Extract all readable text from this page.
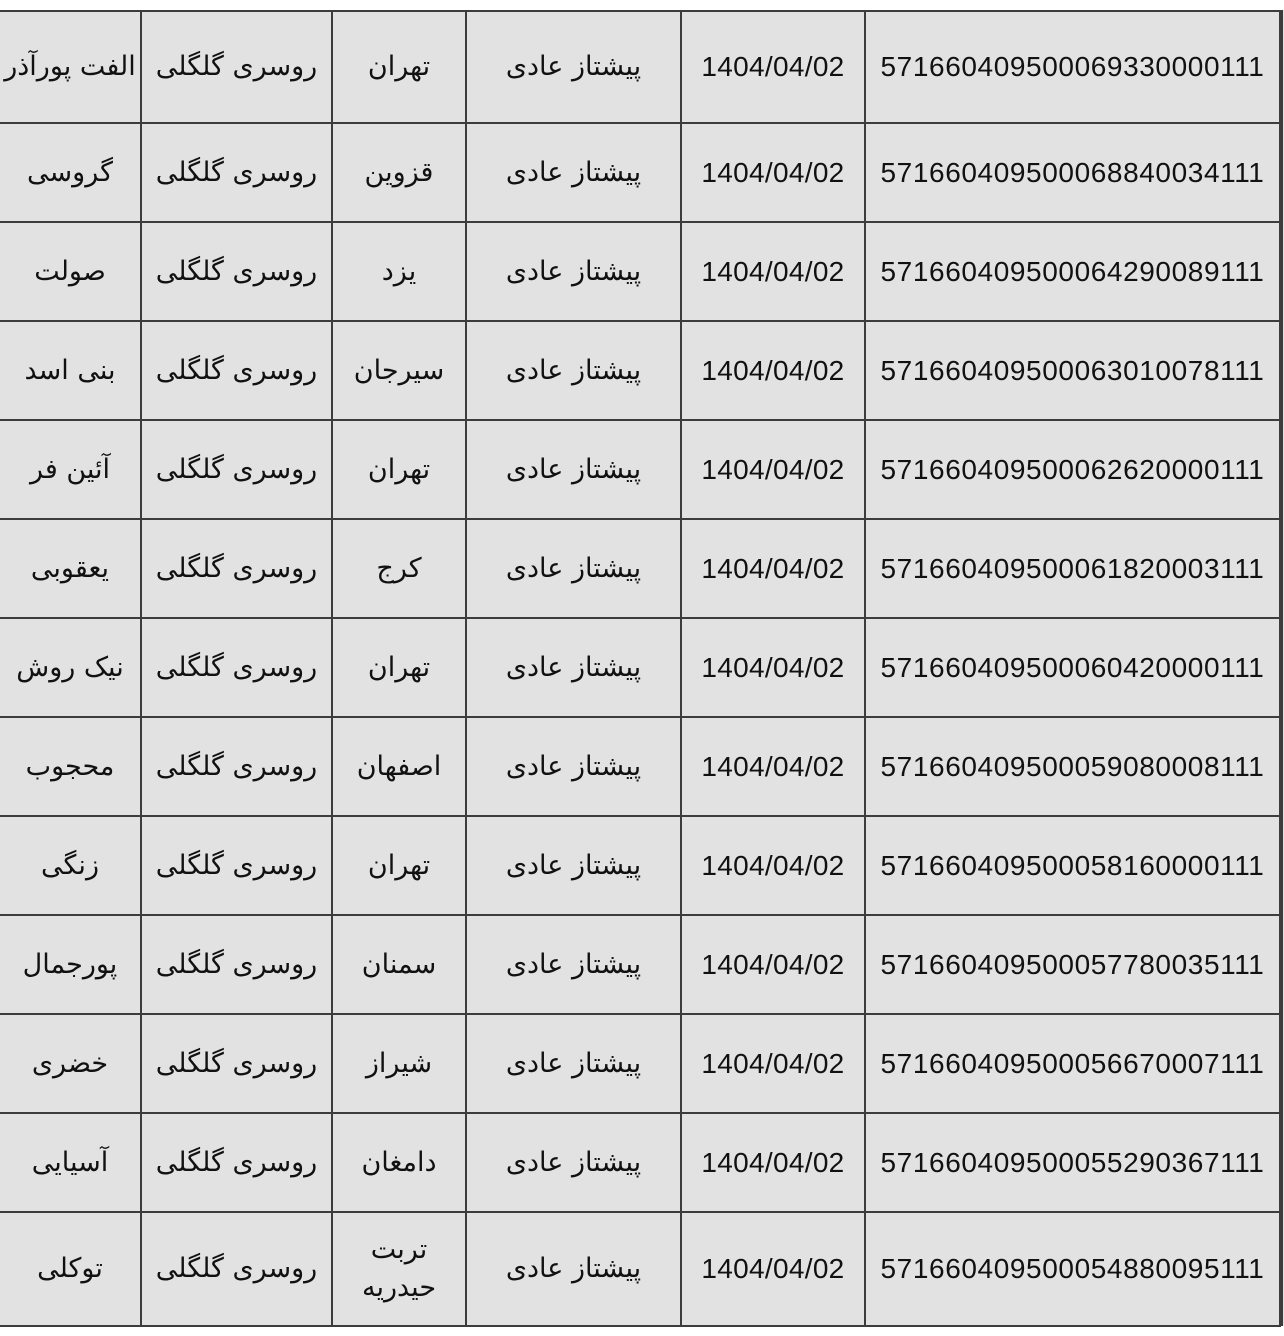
الفت پورآذر	روسری گلگلی	تهران	پیشتاز عادی	1404/04/02	571660409500069330000111
گروسی	روسری گلگلی	قزوین	پیشتاز عادی	1404/04/02	571660409500068840034111
صولت	روسری گلگلی	یزد	پیشتاز عادی	1404/04/02	571660409500064290089111
بنی اسد	روسری گلگلی	سیرجان	پیشتاز عادی	1404/04/02	571660409500063010078111
آئین فر	روسری گلگلی	تهران	پیشتاز عادی	1404/04/02	571660409500062620000111
یعقوبی	روسری گلگلی	کرج	پیشتاز عادی	1404/04/02	571660409500061820003111
نیک روش	روسری گلگلی	تهران	پیشتاز عادی	1404/04/02	571660409500060420000111
محجوب	روسری گلگلی	اصفهان	پیشتاز عادی	1404/04/02	571660409500059080008111
زنگی	روسری گلگلی	تهران	پیشتاز عادی	1404/04/02	571660409500058160000111
پورجمال	روسری گلگلی	سمنان	پیشتاز عادی	1404/04/02	571660409500057780035111
خضری	روسری گلگلی	شیراز	پیشتاز عادی	1404/04/02	571660409500056670007111
آسیایی	روسری گلگلی	دامغان	پیشتاز عادی	1404/04/02	571660409500055290367111
توکلی	روسری گلگلی	تربت حیدریه	پیشتاز عادی	1404/04/02	571660409500054880095111
